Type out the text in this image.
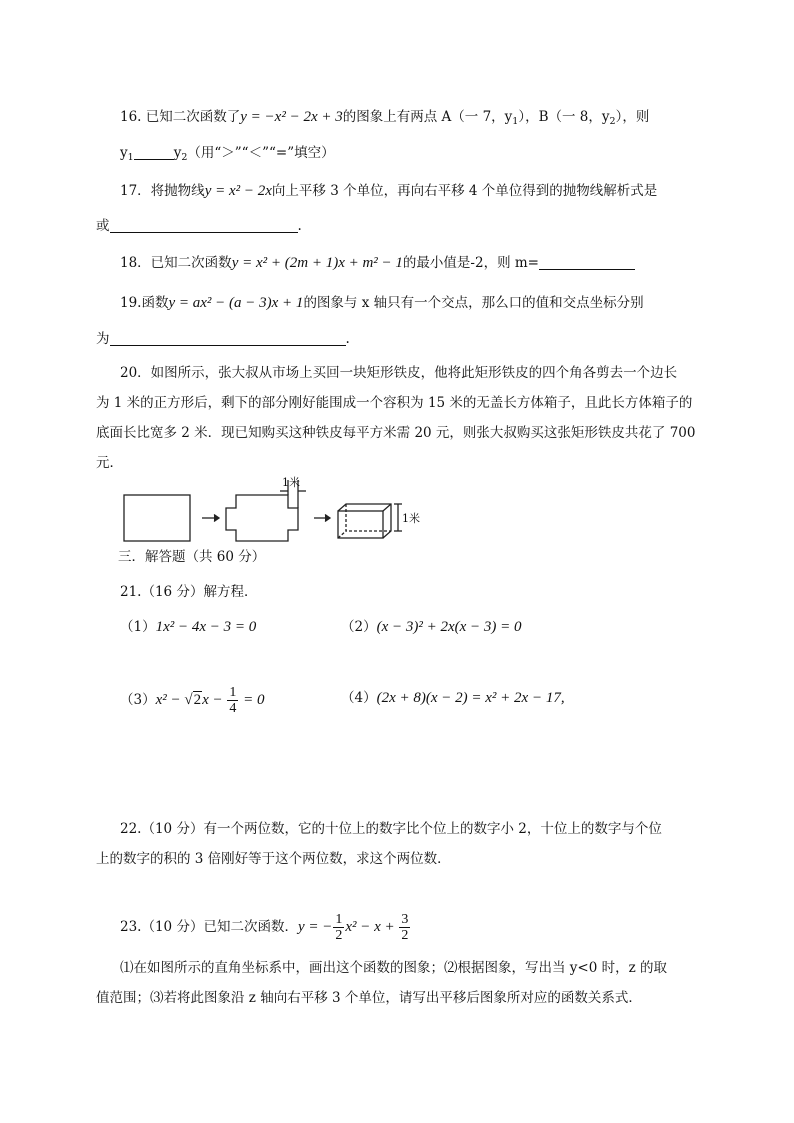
16. 已知二次函数了y = −x² − 2x + 3的图象上有两点 A（一 7，$y_1$），B（一 8，$y_2$），则
$y_1$	$y_2$（用“＞”“＜”“=”填空）
17．将抛物线y = x² − 2x向上平移 3 个单位，再向右平移 4 个单位得到的抛物线解析式是
或	.
18．已知二次函数y = x² + (2m + 1)x + m² − 1的最小值是-2，则 m=
19.函数y = ax² − (a − 3)x + 1的图象与 x 轴只有一个交点，那么口的值和交点坐标分别
为	.
20．如图所示，张大叔从市场上买回一块矩形铁皮，他将此矩形铁皮的四个角各剪去一个边长
为 1 米的正方形后，剩下的部分刚好能围成一个容积为 15 米的无盖长方体箱子，且此长方体箱子的
底面长比宽多 2 米．现已知购买这种铁皮每平方米需 20 元，则张大叔购买这张矩形铁皮共花了 700
元．
1米
1米
三．解答题（共 60 分）
21.（16 分）解方程．
（1）1x² − 4x − 3 = 0	（2）(x − 3)² + 2x(x − 3) = 0
$(3)x^2 - √2x - \frac{1}{4} = 0$	（4）(2x + 8)(x − 2) = x² + 2x − 17,
22.（10 分）有一个两位数，它的十位上的数字比个位上的数字小 2，十位上的数字与个位
上的数字的积的 3 倍刚好等于这个两位数，求这个两位数．
23.（10 分）已知二次函数．y = − $\frac{1}{2} x^2 - x + \frac{3}{2}$
⑴在如图所示的直角坐标系中，画出这个函数的图象；⑵根据图象，写出当 y<0 时，z 的取
值范围；⑶若将此图象沿 z 轴向右平移 3 个单位，请写出平移后图象所对应的函数关系式．
